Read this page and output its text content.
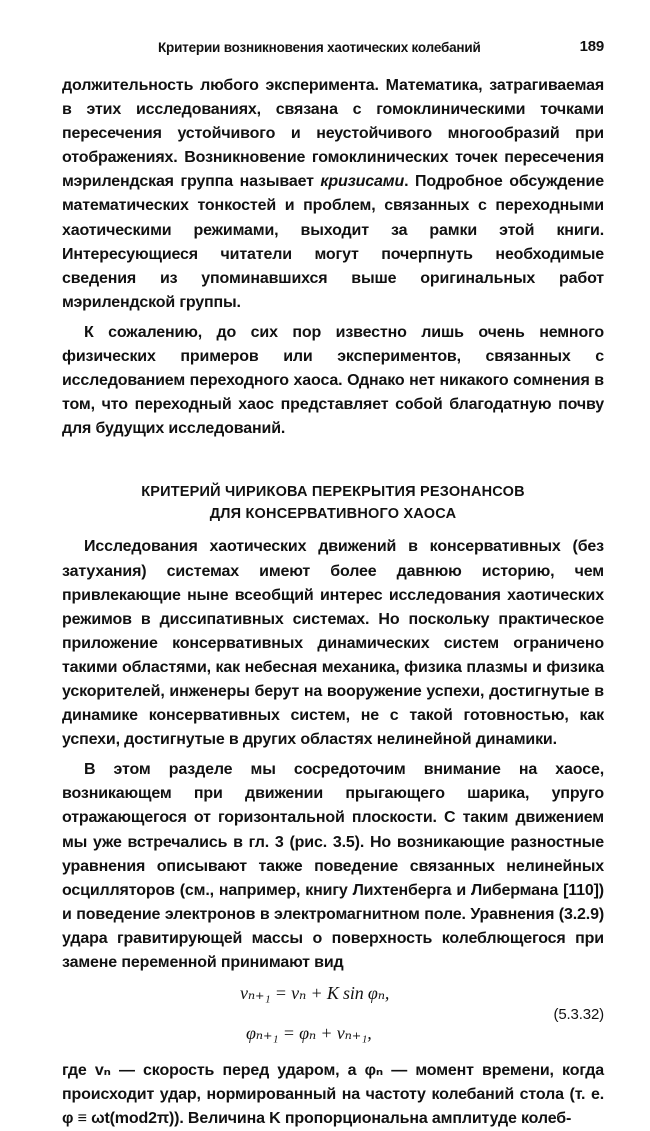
Критерии возникновения хаотических колебаний	189

должительность любого эксперимента. Математика, затрагиваемая в этих исследованиях, связана с гомоклиническими точками пересечения устойчивого и неустойчивого многообразий при отображениях. Возникновение гомоклинических точек пересечения мэрилендская группа называет кризисами. Подробное обсуждение математических тонкостей и проблем, связанных с переходными хаотическими режимами, выходит за рамки этой книги. Интересующиеся читатели могут почерпнуть необходимые сведения из упоминавшихся выше оригинальных работ мэрилендской группы.

К сожалению, до сих пор известно лишь очень немного физических примеров или экспериментов, связанных с исследованием переходного хаоса. Однако нет никакого сомнения в том, что переходный хаос представляет собой благодатную почву для будущих исследований.

КРИТЕРИЙ ЧИРИКОВА ПЕРЕКРЫТИЯ РЕЗОНАНСОВ
ДЛЯ КОНСЕРВАТИВНОГО ХАОСА

Исследования хаотических движений в консервативных (без затухания) системах имеют более давнюю историю, чем привлекающие ныне всеобщий интерес исследования хаотических режимов в диссипативных системах. Но поскольку практическое приложение консервативных динамических систем ограничено такими областями, как небесная механика, физика плазмы и физика ускорителей, инженеры берут на вооружение успехи, достигнутые в динамике консервативных систем, не с такой готовностью, как успехи, достигнутые в других областях нелинейной динамики.

В этом разделе мы сосредоточим внимание на хаосе, возникающем при движении прыгающего шарика, упруго отражающегося от горизонтальной плоскости. С таким движением мы уже встречались в гл. 3 (рис. 3.5). Но возникающие разностные уравнения описывают также поведение связанных нелинейных осцилляторов (см., например, книгу Лихтенберга и Либермана [110]) и поведение электронов в электромагнитном поле. Уравнения (3.2.9) удара гравитирующей массы о поверхность колеблющегося при замене переменной принимают вид

vₙ₊₁ = vₙ + K sin φₙ,
φₙ₊₁ = φₙ + vₙ₊₁,
(5.3.32)

где vₙ — скорость перед ударом, а φₙ — момент времени, когда происходит удар, нормированный на частоту колебаний стола (т. е. φ ≡ ωt(mod2π)). Величина K пропорциональна амплитуде колеб-
